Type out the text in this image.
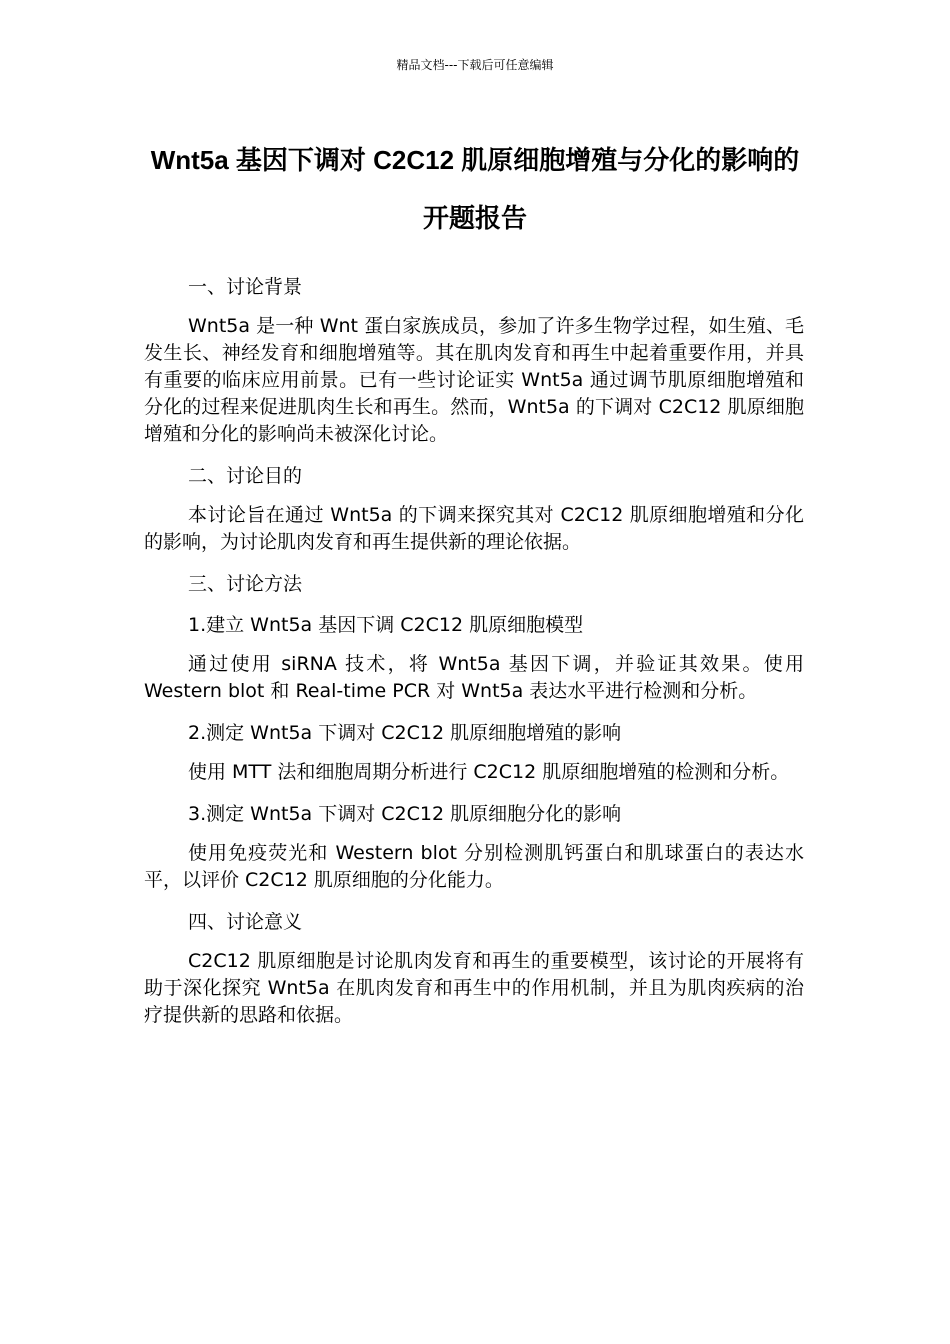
精品文档---下载后可任意编辑
Wnt5a 基因下调对 C2C12 肌原细胞增殖与分化的影响的开题报告

一、讨论背景

Wnt5a 是一种 Wnt 蛋白家族成员，参加了许多生物学过程，如生殖、毛发生长、神经发育和细胞增殖等。其在肌肉发育和再生中起着重要作用，并具有重要的临床应用前景。已有一些讨论证实 Wnt5a 通过调节肌原细胞增殖和分化的过程来促进肌肉生长和再生。然而，Wnt5a 的下调对 C2C12 肌原细胞增殖和分化的影响尚未被深化讨论。

二、讨论目的

本讨论旨在通过 Wnt5a 的下调来探究其对 C2C12 肌原细胞增殖和分化的影响，为讨论肌肉发育和再生提供新的理论依据。

三、讨论方法

1.建立 Wnt5a 基因下调 C2C12 肌原细胞模型

通过使用 siRNA 技术，将 Wnt5a 基因下调，并验证其效果。使用 Western blot 和 Real-time PCR 对 Wnt5a 表达水平进行检测和分析。

2.测定 Wnt5a 下调对 C2C12 肌原细胞增殖的影响

使用 MTT 法和细胞周期分析进行 C2C12 肌原细胞增殖的检测和分析。

3.测定 Wnt5a 下调对 C2C12 肌原细胞分化的影响

使用免疫荧光和 Western blot 分别检测肌钙蛋白和肌球蛋白的表达水平，以评价 C2C12 肌原细胞的分化能力。

四、讨论意义

C2C12 肌原细胞是讨论肌肉发育和再生的重要模型，该讨论的开展将有助于深化探究 Wnt5a 在肌肉发育和再生中的作用机制，并且为肌肉疾病的治疗提供新的思路和依据。
